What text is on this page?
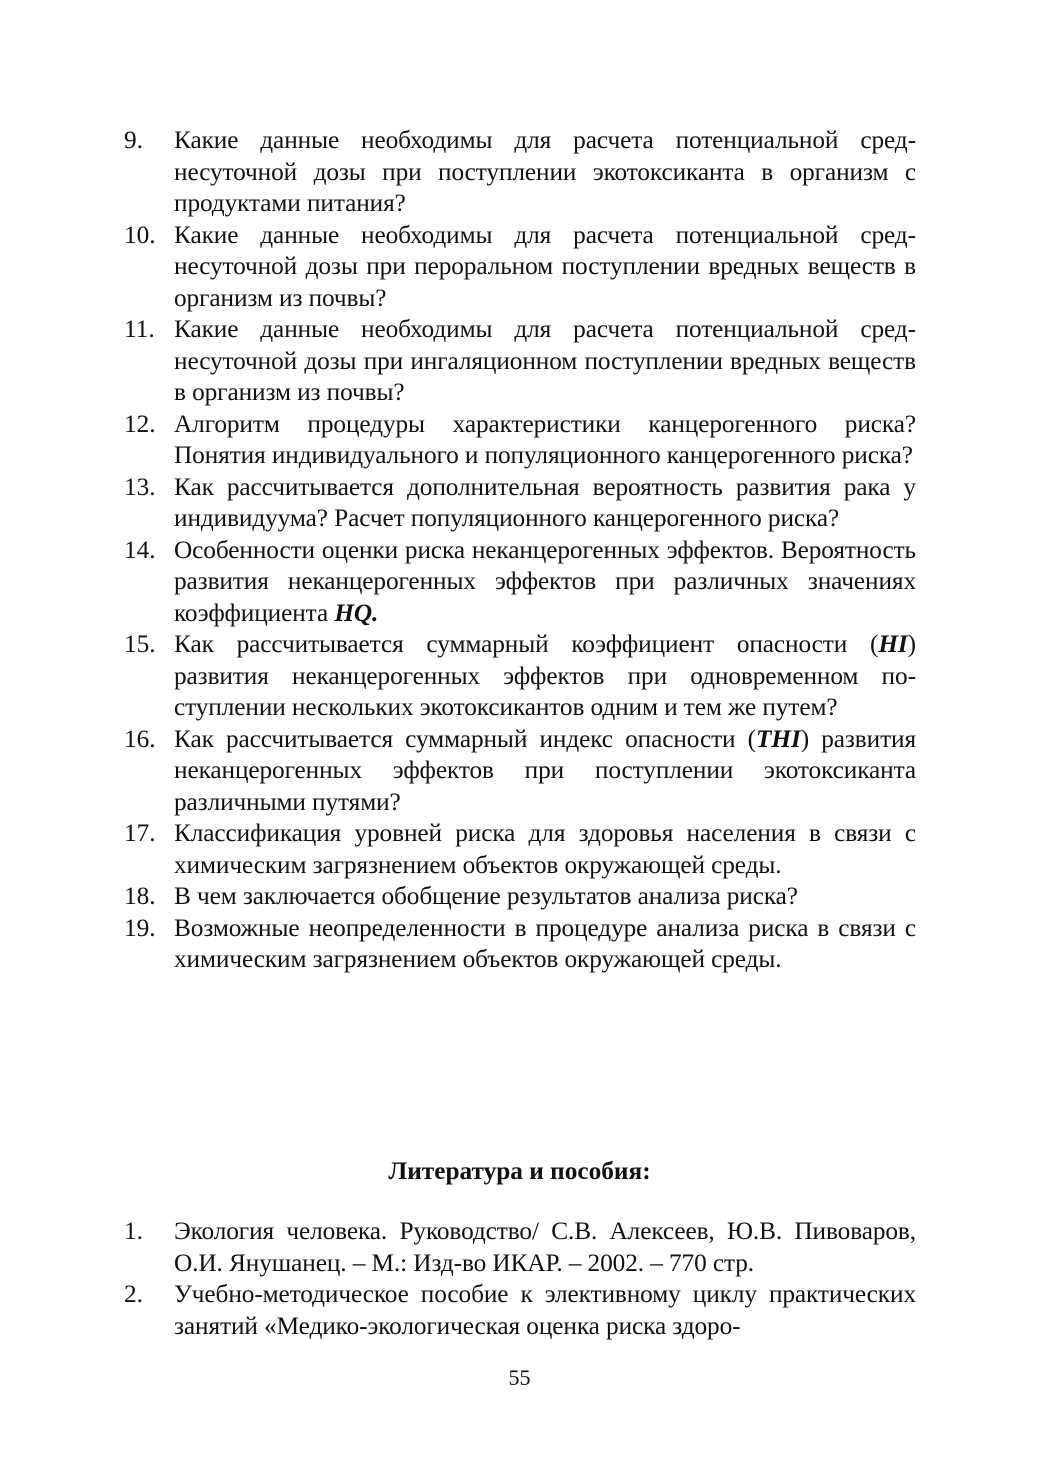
9.	Какие данные необходимы для расчета потенциальной среднесуточной дозы при поступлении экотоксиканта в организм с продуктами питания?
10. Какие данные необходимы для расчета потенциальной среднесуточной дозы при пероральном поступлении вредных веществ в организм из почвы?
11. Какие данные необходимы для расчета потенциальной среднесуточной дозы при ингаляционном поступлении вредных веществ в организм из почвы?
12. Алгоритм процедуры характеристики канцерогенного риска? Понятия индивидуального и популяционного канцерогенного риска?
13. Как рассчитывается дополнительная вероятность развития рака у индивидуума? Расчет популяционного канцерогенного риска?
14. Особенности оценки риска неканцерогенных эффектов. Вероятность развития неканцерогенных эффектов при различных значениях коэффициента HQ.
15. Как рассчитывается суммарный коэффициент опасности (HI) развития неканцерогенных эффектов при одновременном поступлении нескольких экотоксикантов одним и тем же путем?
16. Как рассчитывается суммарный индекс опасности (THI) развития неканцерогенных эффектов при поступлении экотоксиканта различными путями?
17. Классификация уровней риска для здоровья населения в связи с химическим загрязнением объектов окружающей среды.
18. В чем заключается обобщение результатов анализа риска?
19. Возможные неопределенности в процедуре анализа риска в связи с химическим загрязнением объектов окружающей среды.
Литература и пособия:
1.	Экология человека. Руководство/ С.В. Алексеев, Ю.В. Пивоваров, О.И. Янушанец. – М.: Изд-во ИКАР. – 2002. – 770 стр.
2.	Учебно-методическое пособие к элективному циклу практических занятий «Медико-экологическая оценка риска здоро-
55
